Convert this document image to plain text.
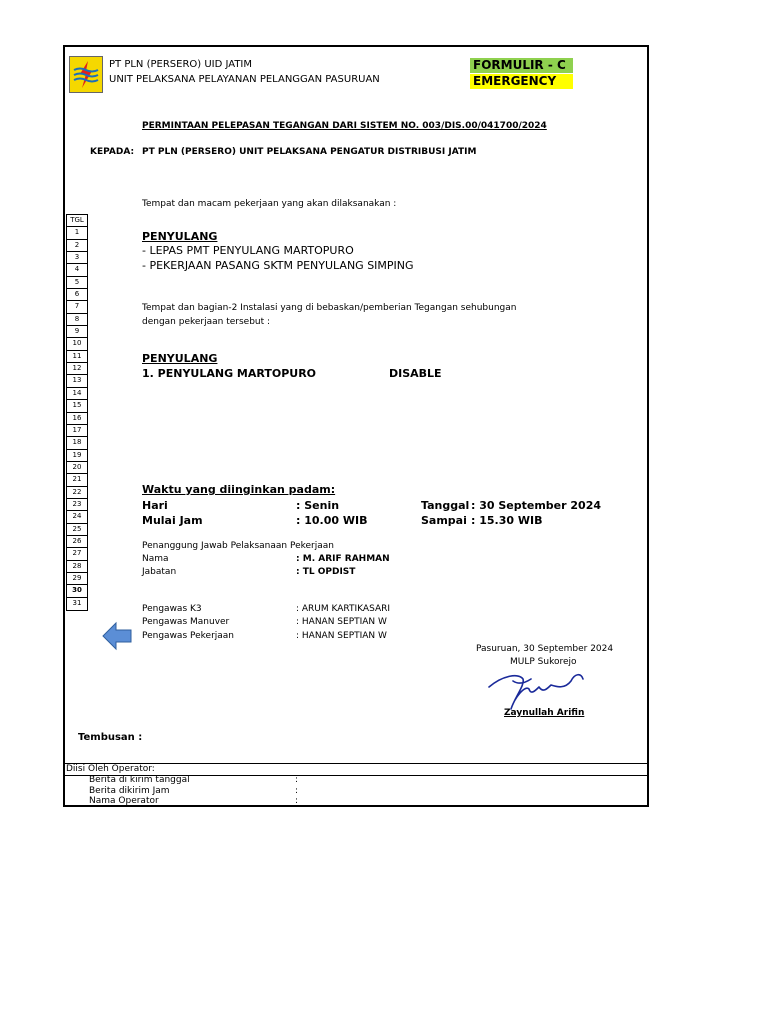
PT PLN (PERSERO) UID JATIM
UNIT PELAKSANA PELAYANAN PELANGGAN PASURUAN
FORMULIR - C
EMERGENCY
PERMINTAAN PELEPASAN TEGANGAN DARI SISTEM NO. 003/DIS.00/041700/2024
KEPADA: PT PLN (PERSERO) UNIT PELAKSANA PENGATUR DISTRIBUSI JATIM
Tempat dan macam pekerjaan yang akan dilaksanakan :
PENYULANG
- LEPAS PMT PENYULANG MARTOPURO
- PEKERJAAN PASANG SKTM PENYULANG SIMPING
Tempat dan bagian-2 Instalasi yang di bebaskan/pemberian Tegangan sehubungan
dengan pekerjaan tersebut :
PENYULANG
1. PENYULANG MARTOPURO	DISABLE
Waktu yang diinginkan padam:
Hari	: Senin	Tanggal : 30 September 2024
Mulai Jam	: 10.00 WIB	Sampai : 15.30 WIB
Penanggung Jawab Pelaksanaan Pekerjaan
Nama	: M. ARIF RAHMAN
Jabatan	: TL OPDIST
Pengawas K3	: ARUM KARTIKASARI
Pengawas Manuver	: HANAN SEPTIAN W
Pengawas Pekerjaan	: HANAN SEPTIAN W
TGL
1
2
3
4
5
6
7
8
9
10
11
12
13
14
15
16
17
18
19
20
21
22
23
24
25
26
27
28
29
30
31
Pasuruan, 30 September 2024
MULP Sukorejo
Zaynullah Arifin
Tembusan :
Diisi Oleh Operator:
Berita di kirim tanggal	:
Berita dikirim Jam	:
Nama Operator	:
